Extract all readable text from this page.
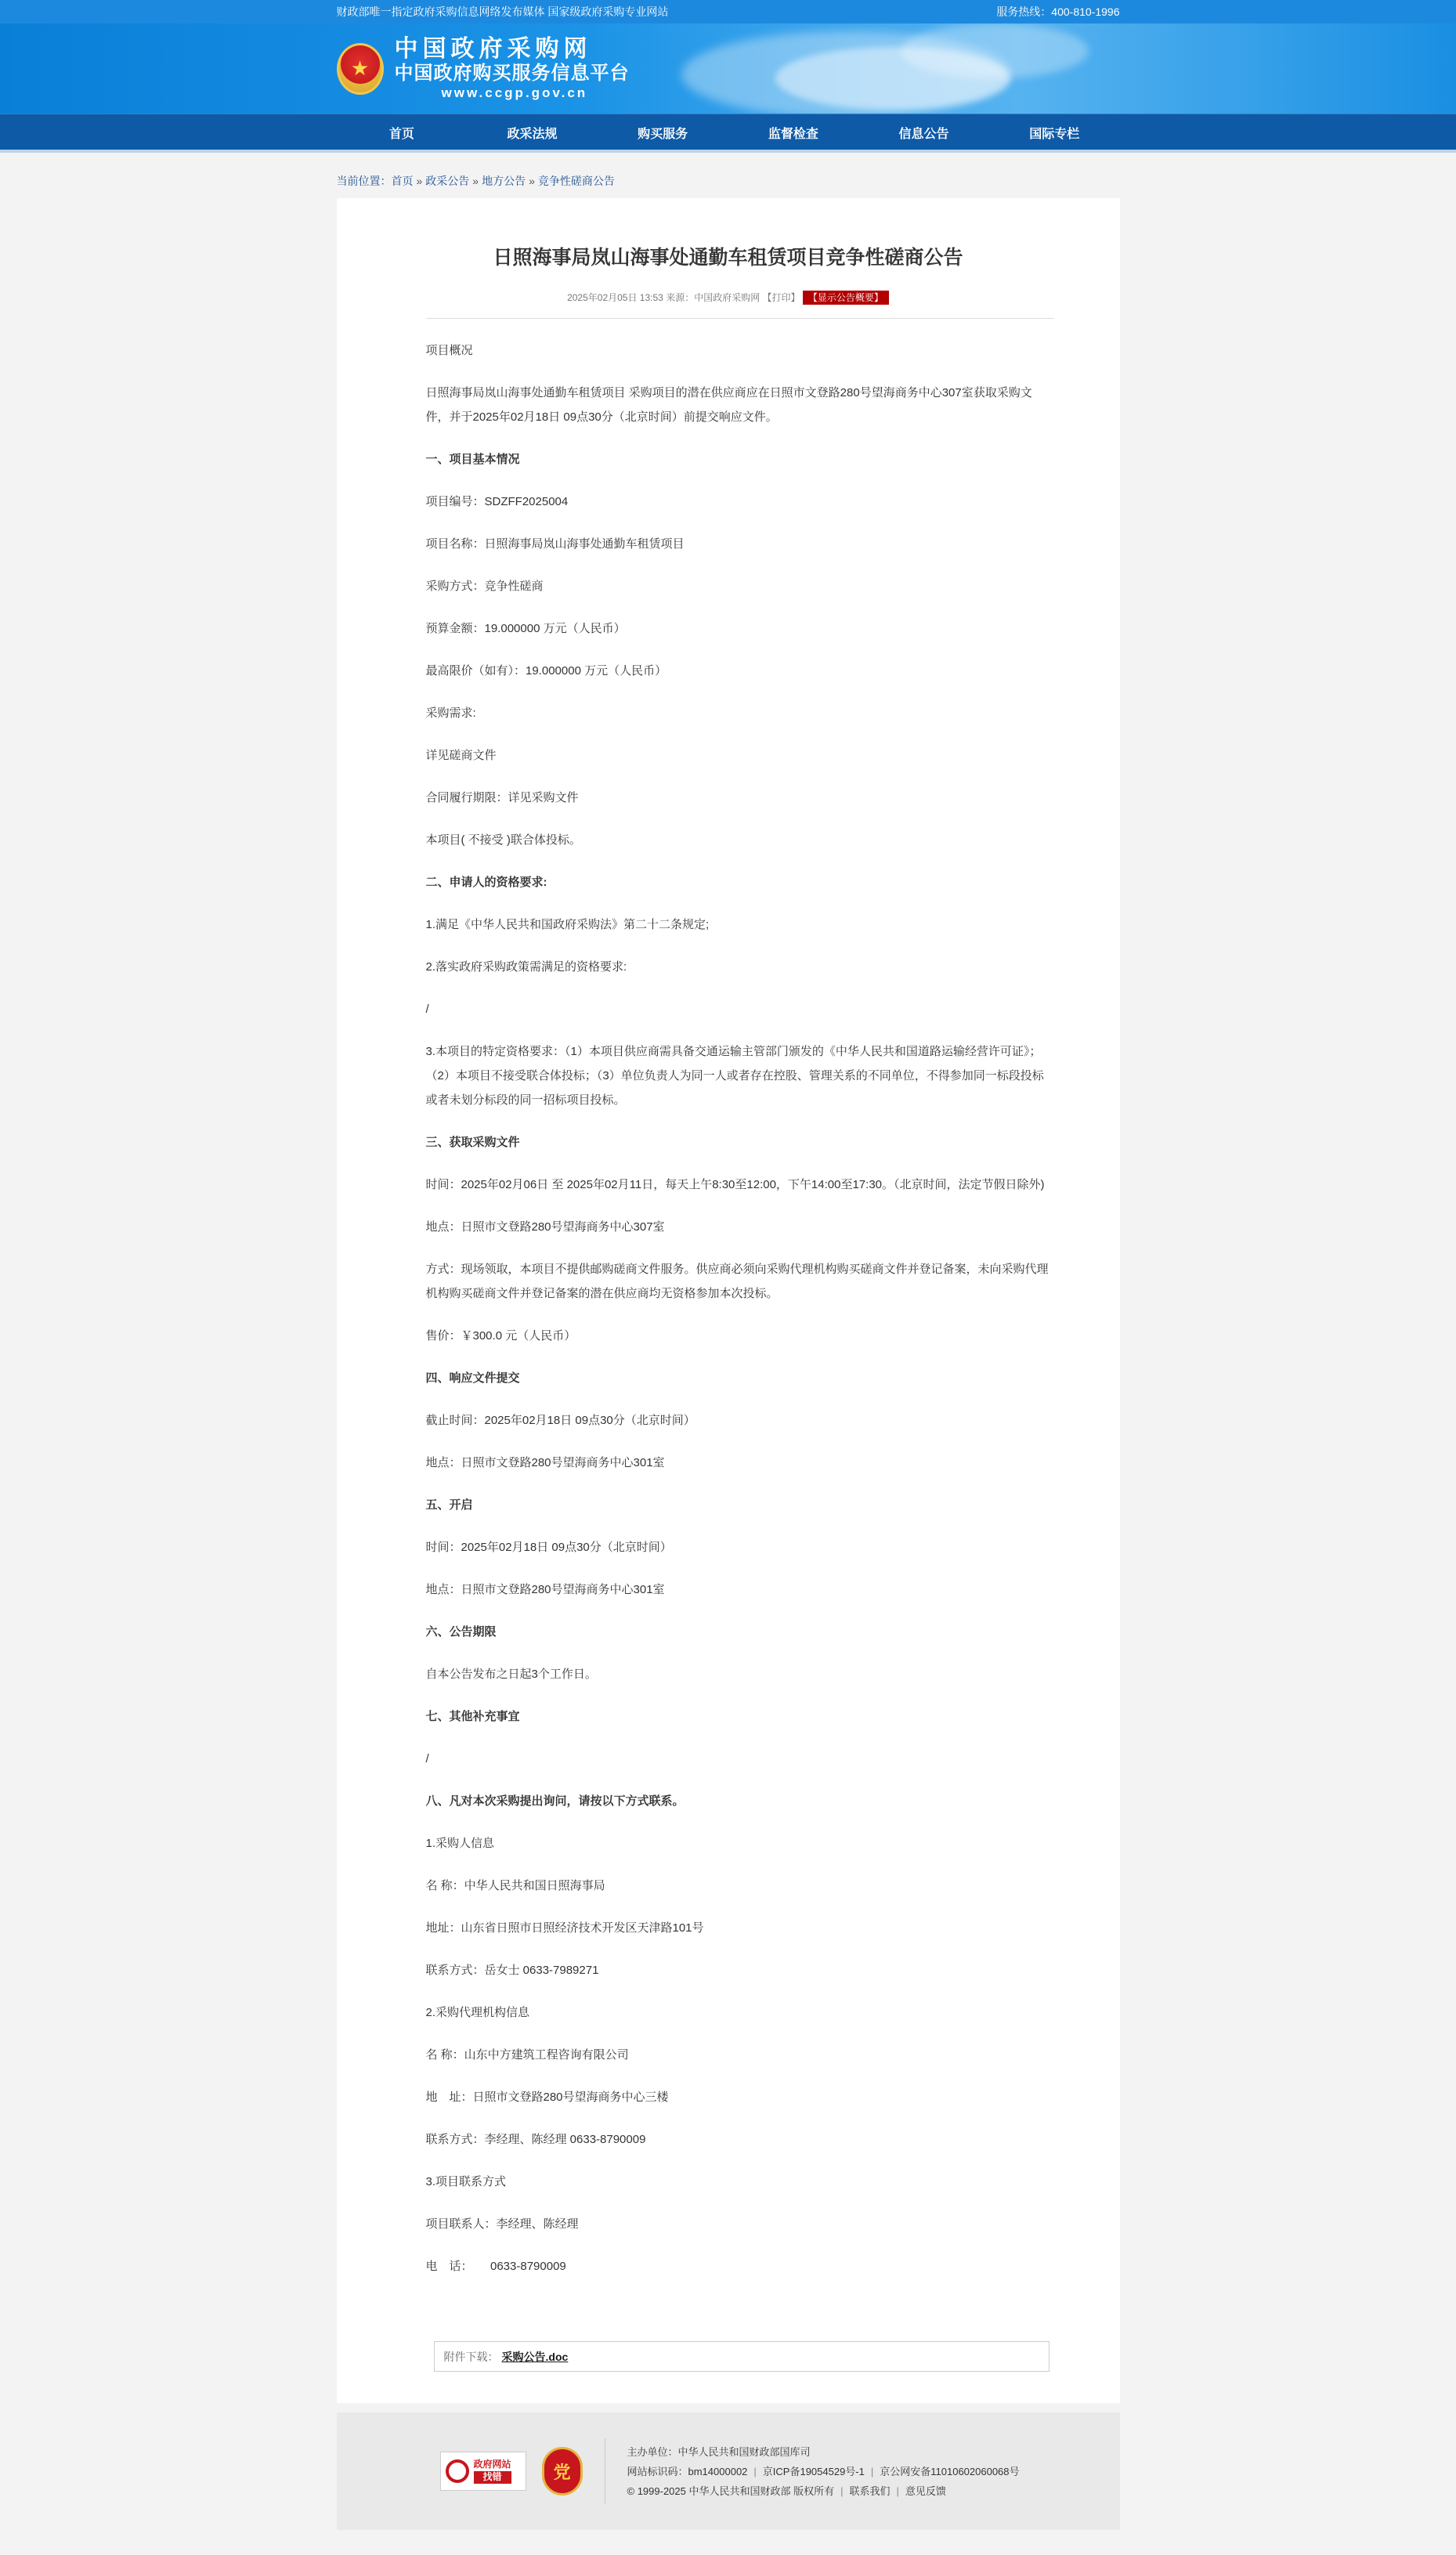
财政部唯一指定政府采购信息网络发布媒体 国家级政府采购专业网站	服务热线：400-810-1996
★
中国政府采购网
中国政府购买服务信息平台
www.ccgp.gov.cn
首页	政采法规	购买服务	监督检查	信息公告	国际专栏
当前位置：首页 » 政采公告 » 地方公告 » 竞争性磋商公告
日照海事局岚山海事处通勤车租赁项目竞争性磋商公告
2025年02月05日 13:53 来源：中国政府采购网 【打印】 【显示公告概要】

项目概况

日照海事局岚山海事处通勤车租赁项目 采购项目的潜在供应商应在日照市文登路280号望海商务中心307室获取采购文件，并于2025年02月18日 09点30分（北京时间）前提交响应文件。

一、项目基本情况

项目编号：SDZFF2025004

项目名称：日照海事局岚山海事处通勤车租赁项目

采购方式：竞争性磋商

预算金额：19.000000 万元（人民币）

最高限价（如有）：19.000000 万元（人民币）

采购需求:

详见磋商文件

合同履行期限：详见采购文件

本项目( 不接受 )联合体投标。

二、申请人的资格要求:

1.满足《中华人民共和国政府采购法》第二十二条规定;

2.落实政府采购政策需满足的资格要求:

/

3.本项目的特定资格要求：（1）本项目供应商需具备交通运输主管部门颁发的《中华人民共和国道路运输经营许可证》；（2）本项目不接受联合体投标；（3）单位负责人为同一人或者存在控股、管理关系的不同单位，不得参加同一标段投标或者未划分标段的同一招标项目投标。

三、获取采购文件

时间：2025年02月06日 至 2025年02月11日，每天上午8:30至12:00，下午14:00至17:30。（北京时间，法定节假日除外)

地点：日照市文登路280号望海商务中心307室

方式：现场领取，本项目不提供邮购磋商文件服务。供应商必须向采购代理机构购买磋商文件并登记备案，未向采购代理机构购买磋商文件并登记备案的潜在供应商均无资格参加本次投标。

售价：￥300.0 元（人民币）

四、响应文件提交

截止时间：2025年02月18日 09点30分（北京时间）

地点：日照市文登路280号望海商务中心301室

五、开启

时间：2025年02月18日 09点30分（北京时间）

地点：日照市文登路280号望海商务中心301室

六、公告期限

自本公告发布之日起3个工作日。

七、其他补充事宜

/

八、凡对本次采购提出询问，请按以下方式联系。

1.采购人信息

名 称：中华人民共和国日照海事局

地址：山东省日照市日照经济技术开发区天津路101号

联系方式：岳女士 0633-7989271

2.采购代理机构信息

名 称：山东中方建筑工程咨询有限公司

地　址：日照市文登路280号望海商务中心三楼

联系方式：李经理、陈经理 0633-8790009

3.项目联系方式

项目联系人：李经理、陈经理

电　话：　　0633-8790009

附件下载： 采购公告.doc
政府网站
找错	党
主办单位：中华人民共和国财政部国库司
网站标识码：bm14000002 | 京ICP备19054529号-1 | 京公网安备11010602060068号
© 1999-2025 中华人民共和国财政部 版权所有 | 联系我们 | 意见反馈
